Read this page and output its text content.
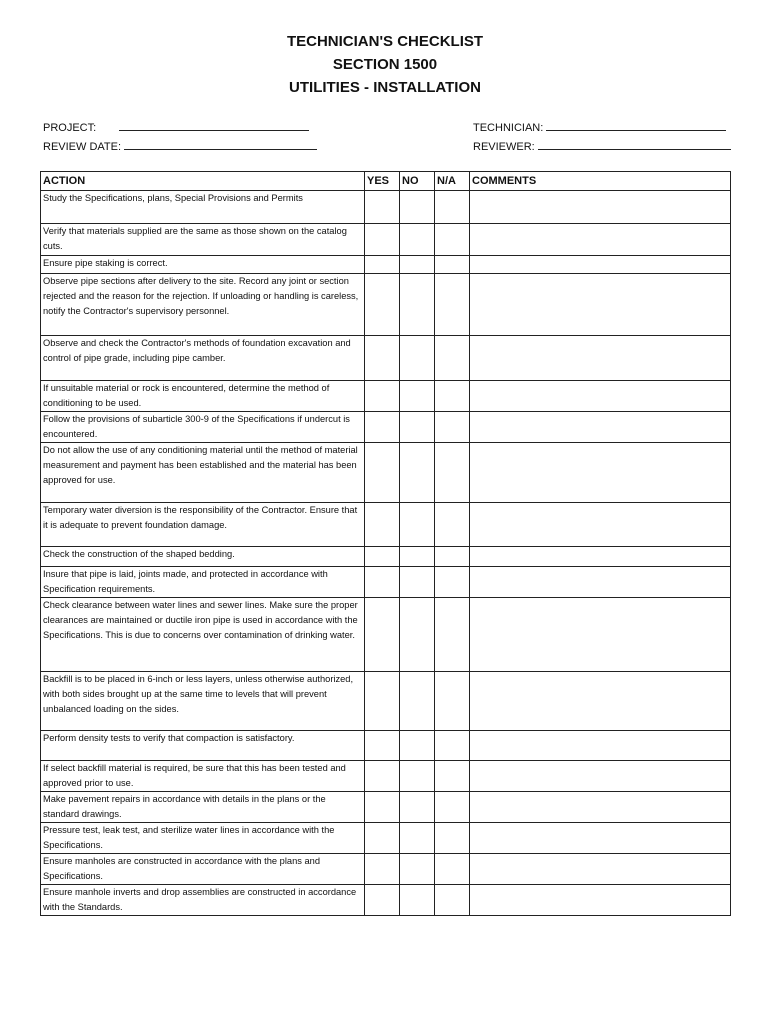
TECHNICIAN'S CHECKLIST
SECTION 1500
UTILITIES - INSTALLATION
PROJECT:
REVIEW DATE:
TECHNICIAN:
REVIEWER:
ACTION	YES	NO	N/A	COMMENTS
Study the Specifications, plans, Special Provisions and Permits				
Verify that materials supplied are the same as those shown on the catalog cuts.				
Ensure pipe staking is correct.				
Observe pipe sections after delivery to the site. Record any joint or section rejected and the reason for the rejection. If unloading or handling is careless, notify the Contractor's supervisory personnel.				
Observe and check the Contractor's methods of foundation excavation and control of pipe grade, including pipe camber.				
If unsuitable material or rock is encountered, determine the method of conditioning to be used.				
Follow the provisions of subarticle 300-9 of the Specifications if undercut is encountered.				
Do not allow the use of any conditioning material until the method of material measurement and payment has been established and the material has been approved for use.				
Temporary water diversion is the responsibility of the Contractor. Ensure that it is adequate to prevent foundation damage.				
Check the construction of the shaped bedding.				
Insure that pipe is laid, joints made, and protected in accordance with Specification requirements.				
Check clearance between water lines and sewer lines. Make sure the proper clearances are maintained or ductile iron pipe is used in accordance with the Specifications. This is due to concerns over contamination of drinking water.				
Backfill is to be placed in 6-inch or less layers, unless otherwise authorized, with both sides brought up at the same time to levels that will prevent unbalanced loading on the sides.				
Perform density tests to verify that compaction is satisfactory.				
If select backfill material is required, be sure that this has been tested and approved prior to use.				
Make pavement repairs in accordance with details in the plans or the standard drawings.				
Pressure test, leak test, and sterilize water lines in accordance with the Specifications.				
Ensure manholes are constructed in accordance with the plans and Specifications.				
Ensure manhole inverts and drop assemblies are constructed in accordance with the Standards.				
